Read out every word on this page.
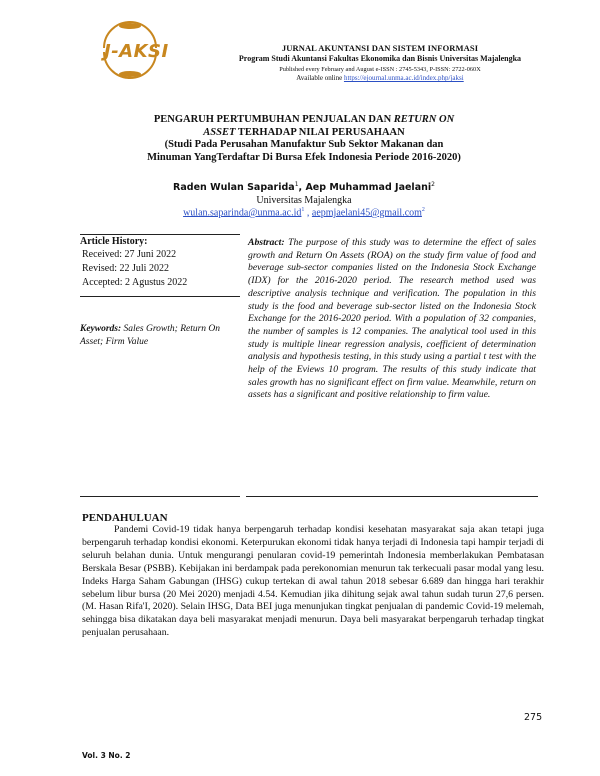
J-AKSI	JURNAL AKUNTANSI DAN SISTEM INFORMASI
Program Studi Akuntansi Fakultas Ekonomika dan Bisnis Universitas Majalengka
Published every February and August e-ISSN : 2745-5343, P-ISSN: 2722-060X
Available online https://ejournal.unma.ac.id/index.php/jaksi
PENGARUH PERTUMBUHAN PENJUALAN DAN RETURN ON
ASSET TERHADAP NILAI PERUSAHAAN
(Studi Pada Perusahan Manufaktur Sub Sektor Makanan dan
Minuman YangTerdaftar Di Bursa Efek Indonesia Periode 2016-2020)
Raden Wulan Saparida$^1$, Aep Muhammad Jaelani$^2$
Universitas Majalengka
$wulan.saparinda@unma.ac.id^1$ , aepmjaelani45@gmail.com$^2$
Article History:
Received: 27 Juni 2022
Revised: 22 Juli 2022
Accepted: 2 Agustus 2022
Keywords: Sales Growth; Return On Asset; Firm Value
Abstract: The purpose of this study was to determine the effect of sales growth and Return On Assets (ROA) on the study firm value of food and beverage sub-sector companies listed on the Indonesia Stock Exchange (IDX) for the 2016-2020 period. The research method used was descriptive analysis technique and verification. The population in this study is the food and beverage sub-sector listed on the Indonesia Stock Exchange for the 2016-2020 period. With a population of 32 companies, the number of samples is 12 companies. The analytical tool used in this study is multiple linear regression analysis, coefficient of determination analysis and hypothesis testing, in this study using a partial t test with the help of the Eviews 10 program. The results of this study indicate that sales growth has no significant effect on firm value. Meanwhile, return on assets has a significant and positive relationship to firm value.
PENDAHULUAN
Pandemi Covid-19 tidak hanya berpengaruh terhadap kondisi kesehatan masyarakat saja akan tetapi juga berpengaruh terhadap kondisi ekonomi. Keterpurukan ekonomi tidak hanya terjadi di Indonesia tapi hampir terjadi di seluruh belahan dunia. Untuk mengurangi penularan covid-19 pemerintah Indonesia memberlakukan Pembatasan Berskala Besar (PSBB). Kebijakan ini berdampak pada perekonomian menurun tak terkecuali pasar modal yang lesu. Indeks Harga Saham Gabungan (IHSG) cukup tertekan di awal tahun 2018 sebesar 6.689 dan hingga hari terakhir sebelum libur bursa (20 Mei 2020) menjadi 4.54. Kemudian jika dihitung sejak awal tahun sudah turun 27,6 persen. (M. Hasan Rifa'I, 2020). Selain IHSG, Data BEI juga menunjukan tingkat penjualan di pandemic Covid-19 melemah, sehingga bisa dikatakan daya beli masyarakat menjadi menurun. Daya beli masyarakat berpengaruh terhadap tingkat penjualan perusahaan.
275
Vol. 3 No. 2
